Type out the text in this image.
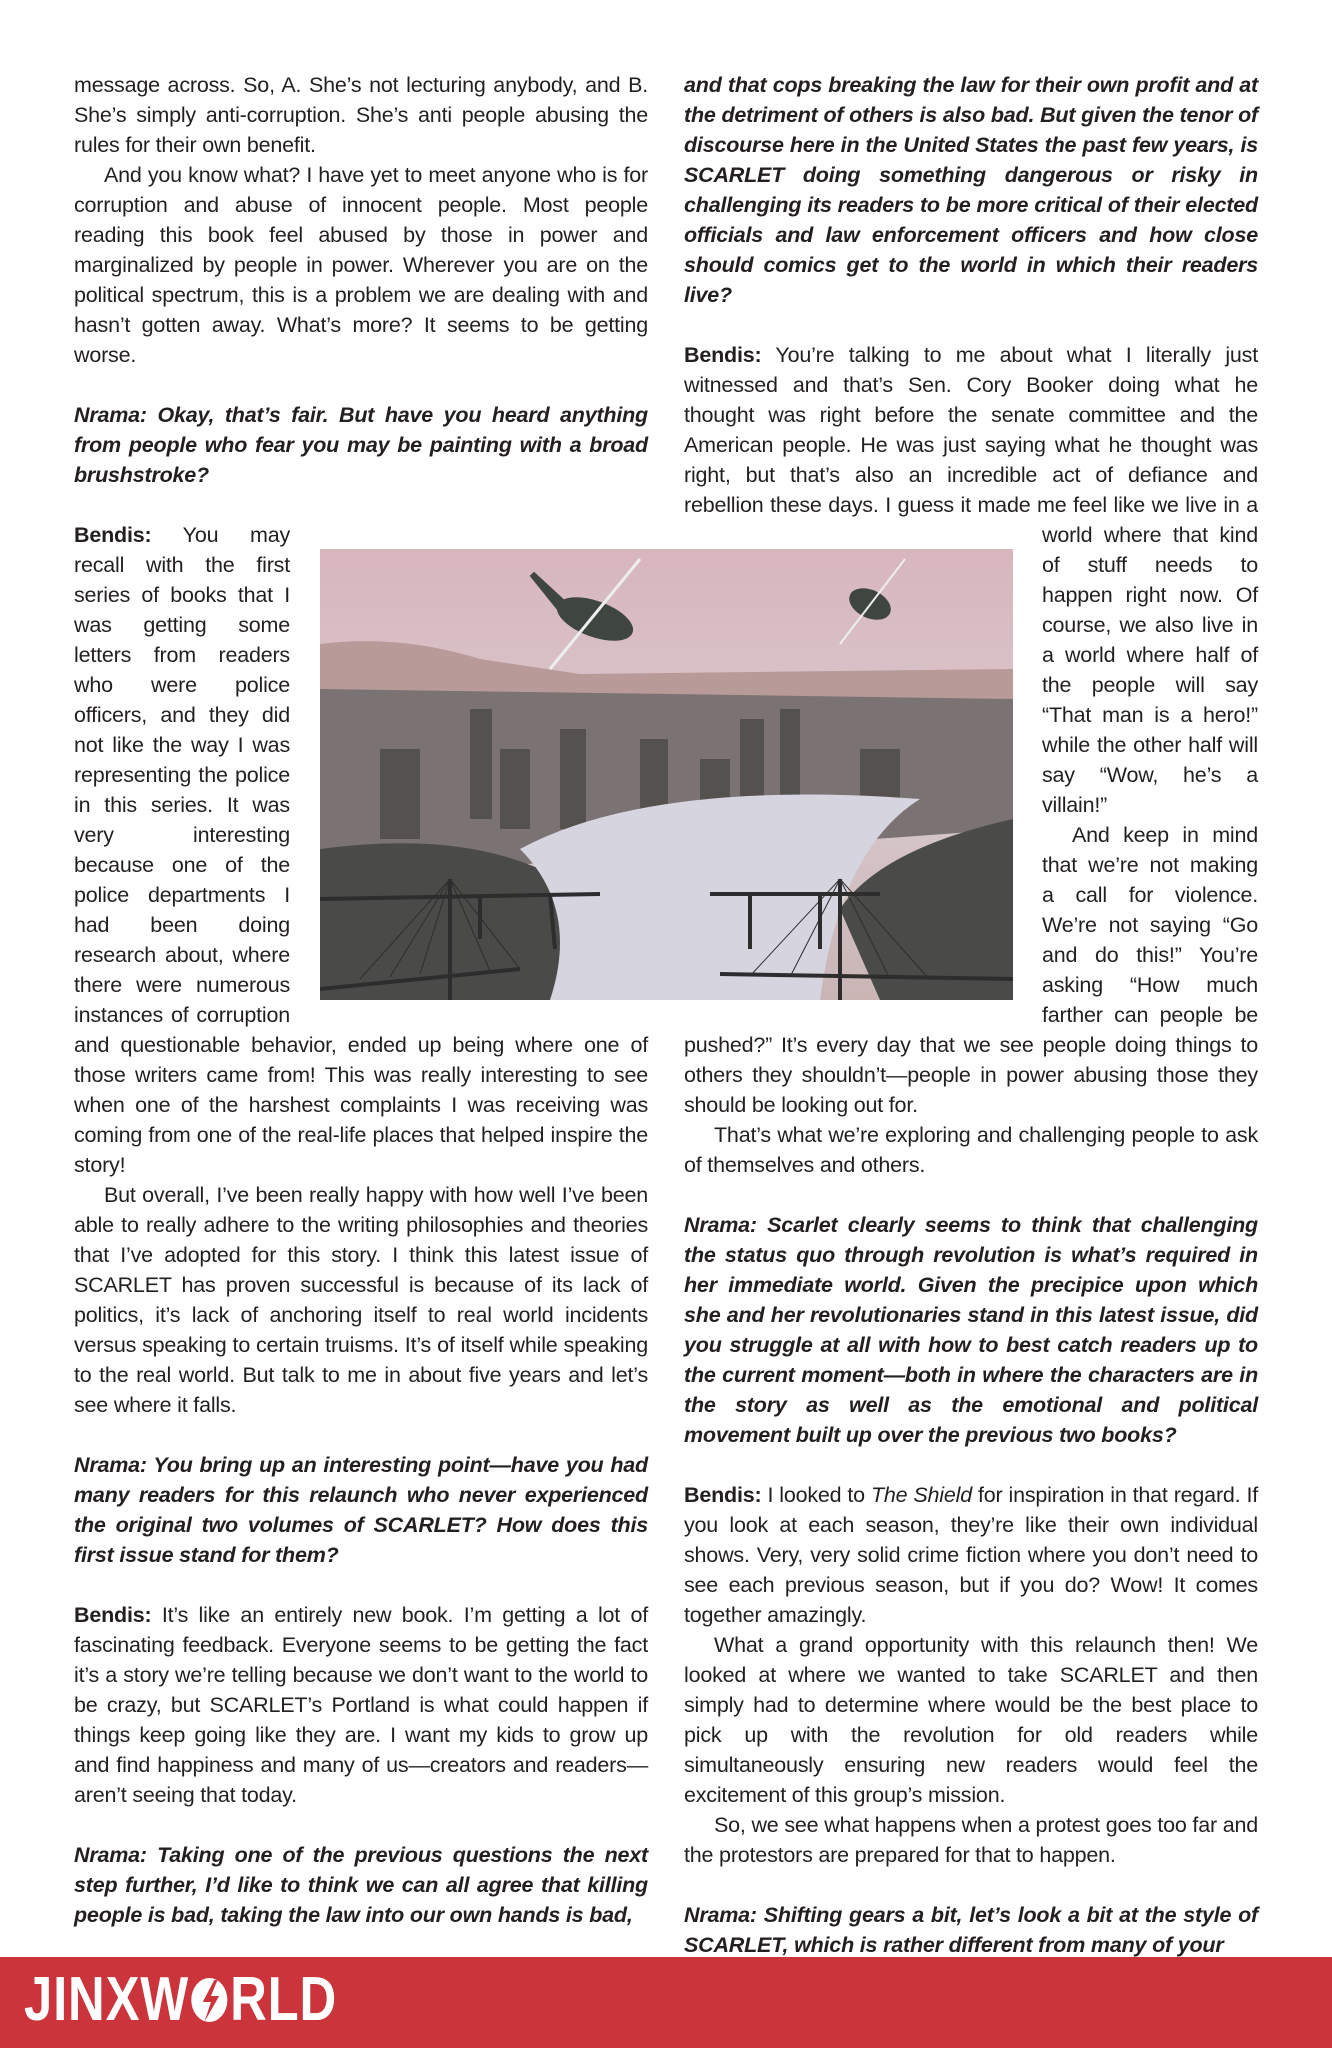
message across. So, A. She’s not lecturing anybody, and B. She’s simply anti-corruption. She’s anti people abusing the rules for their own benefit.

And you know what? I have yet to meet anyone who is for corruption and abuse of innocent people. Most people reading this book feel abused by those in power and marginalized by people in power. Wherever you are on the political spectrum, this is a problem we are dealing with and hasn’t gotten away. What’s more? It seems to be getting worse.

Nrama: Okay, that’s fair. But have you heard anything from people who fear you may be painting with a broad brushstroke?

Bendis: You may recall with the first series of books that I was getting some letters from readers who were police officers, and they did not like the way I was representing the police in this series. It was very interesting because one of the police departments I had been doing research about, where there were numerous instances of corruption and questionable behavior, ended up being where one of those writers came from! This was really interesting to see when one of the harshest complaints I was receiving was coming from one of the real-life places that helped inspire the story!

But overall, I’ve been really happy with how well I’ve been able to really adhere to the writing philosophies and theories that I’ve adopted for this story. I think this latest issue of SCARLET has proven successful is because of its lack of politics, it’s lack of anchoring itself to real world incidents versus speaking to certain truisms. It’s of itself while speaking to the real world. But talk to me in about five years and let’s see where it falls.

Nrama: You bring up an interesting point—have you had many readers for this relaunch who never experienced the original two volumes of SCARLET? How does this first issue stand for them?

Bendis: It’s like an entirely new book. I’m getting a lot of fascinating feedback. Everyone seems to be getting the fact it’s a story we’re telling because we don’t want to the world to be crazy, but SCARLET’s Portland is what could happen if things keep going like they are. I want my kids to grow up and find happiness and many of us—creators and readers—aren’t seeing that today.

Nrama: Taking one of the previous questions the next step further, I’d like to think we can all agree that killing people is bad, taking the law into our own hands is bad,

and that cops breaking the law for their own profit and at the detriment of others is also bad. But given the tenor of discourse here in the United States the past few years, is SCARLET doing something dangerous or risky in challenging its readers to be more critical of their elected officials and law enforcement officers and how close should comics get to the world in which their readers live?

Bendis: You’re talking to me about what I literally just witnessed and that’s Sen. Cory Booker doing what he thought was right before the senate committee and the American people. He was just saying what he thought was right, but that’s also an incredible act of defiance and rebellion these days. I guess it made me feel like we live in a world where that kind of stuff needs to happen right now. Of course, we also live in a world where half of the people will say “That man is a hero!” while the other half will say “Wow, he’s a villain!”

And keep in mind that we’re not making a call for violence. We’re not saying “Go and do this!” You’re asking “How much farther can people be pushed?” It’s every day that we see people doing things to others they shouldn’t—people in power abusing those they should be looking out for.

That’s what we’re exploring and challenging people to ask of themselves and others.

Nrama: Scarlet clearly seems to think that challenging the status quo through revolution is what’s required in her immediate world. Given the precipice upon which she and her revolutionaries stand in this latest issue, did you struggle at all with how to best catch readers up to the current moment—both in where the characters are in the story as well as the emotional and political movement built up over the previous two books?

Bendis: I looked to The Shield for inspiration in that regard. If you look at each season, they’re like their own individual shows. Very, very solid crime fiction where you don’t need to see each previous season, but if you do? Wow! It comes together amazingly.

What a grand opportunity with this relaunch then! We looked at where we wanted to take SCARLET and then simply had to determine where would be the best place to pick up with the revolution for old readers while simultaneously ensuring new readers would feel the excitement of this group’s mission.

So, we see what happens when a protest goes too far and the protestors are prepared for that to happen.

Nrama: Shifting gears a bit, let’s look a bit at the style of SCARLET, which is rather different from many of your

JINXW RLD
